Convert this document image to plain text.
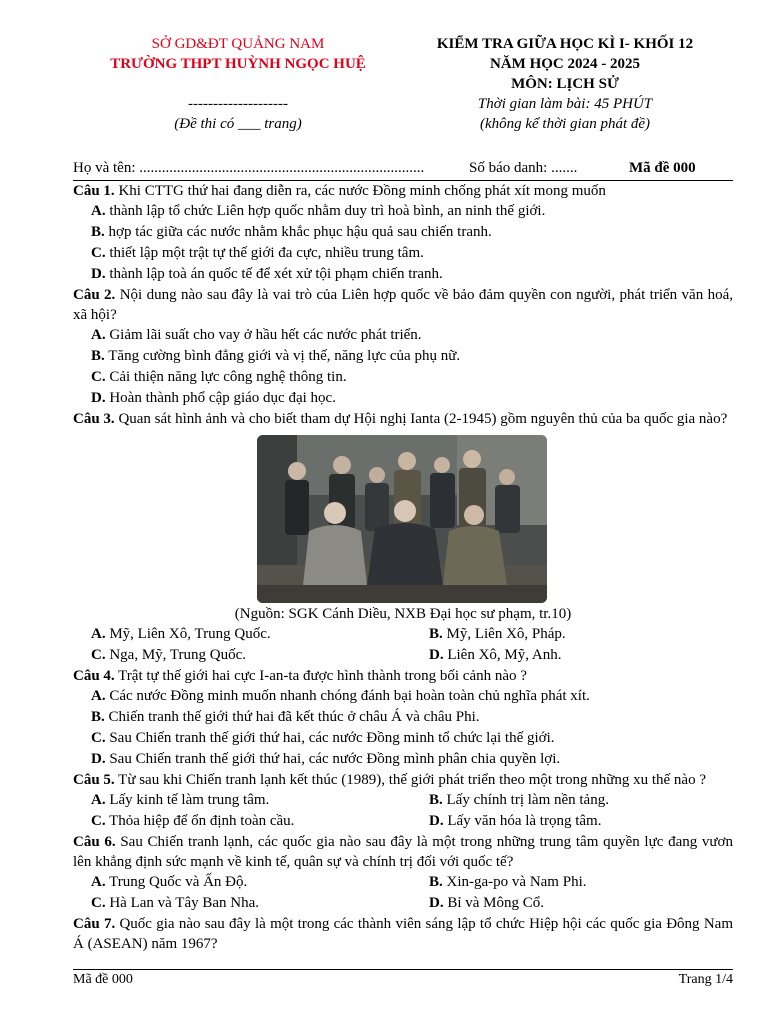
SỞ GD&ĐT QUẢNG NAM
TRƯỜNG THPT HUỲNH NGỌC HUỆ
--------------------
(Đề thi có ___ trang)
KIỂM TRA GIỮA HỌC KÌ I- KHỐI 12
NĂM HỌC 2024 - 2025
MÔN: LỊCH SỬ
Thời gian làm bài: 45 PHÚT
(không kể thời gian phát đề)
Họ và tên: ............................................................................	Số báo danh: .......	Mã đề 000

Câu 1. Khi CTTG thứ hai đang diễn ra, các nước Đồng minh chống phát xít mong muốn

A. thành lập tổ chức Liên hợp quốc nhằm duy trì hoà bình, an ninh thế giới.

B. hợp tác giữa các nước nhằm khắc phục hậu quả sau chiến tranh.

C. thiết lập một trật tự thế giới đa cực, nhiều trung tâm.

D. thành lập toà án quốc tế để xét xử tội phạm chiến tranh.

Câu 2. Nội dung nào sau đây là vai trò của Liên hợp quốc về bảo đảm quyền con người, phát triển văn hoá, xã hội?

A. Giảm lãi suất cho vay ở hầu hết các nước phát triển.

B. Tăng cường bình đẳng giới và vị thế, năng lực của phụ nữ.

C. Cải thiện năng lực công nghệ thông tin.

D. Hoàn thành phổ cập giáo dục đại học.

Câu 3. Quan sát hình ảnh và cho biết tham dự Hội nghị Ianta (2-1945) gồm nguyên thủ của ba quốc gia nào?

(Nguồn: SGK Cánh Diều, NXB Đại học sư phạm, tr.10)

A. Mỹ, Liên Xô, Trung Quốc.	B. Mỹ, Liên Xô, Pháp.
C. Nga, Mỹ, Trung Quốc.	D. Liên Xô, Mỹ, Anh.

Câu 4. Trật tự thế giới hai cực I-an-ta được hình thành trong bối cảnh nào ?

A. Các nước Đồng minh muốn nhanh chóng đánh bại hoàn toàn chủ nghĩa phát xít.

B. Chiến tranh thế giới thứ hai đã kết thúc ở châu Á và châu Phi.

C. Sau Chiến tranh thế giới thứ hai, các nước Đồng minh tổ chức lại thế giới.

D. Sau Chiến tranh thế giới thứ hai, các nước Đồng mình phân chia quyền lợi.

Câu 5. Từ sau khi Chiến tranh lạnh kết thúc (1989), thế giới phát triển theo một trong những xu thế nào ?

A. Lấy kinh tế làm trung tâm.	B. Lấy chính trị làm nền tảng.
C. Thỏa hiệp để ổn định toàn cầu.	D. Lấy văn hóa là trọng tâm.

Câu 6. Sau Chiến tranh lạnh, các quốc gia nào sau đây là một trong những trung tâm quyền lực đang vươn lên khẳng định sức mạnh về kinh tế, quân sự và chính trị đối với quốc tế?

A. Trung Quốc và Ấn Độ.	B. Xin-ga-po và Nam Phi.
C. Hà Lan và Tây Ban Nha.	D. Bỉ và Mông Cổ.

Câu 7. Quốc gia nào sau đây là một trong các thành viên sáng lập tổ chức Hiệp hội các quốc gia Đông Nam Á (ASEAN) năm 1967?

Mã đề 000	Trang 1/4
